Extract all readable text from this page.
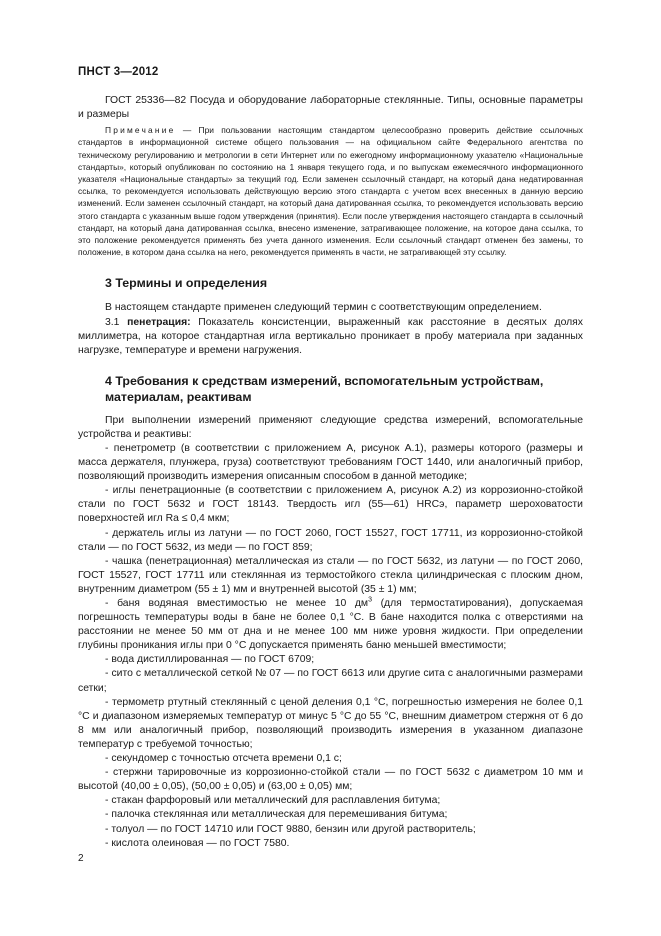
ПНСТ 3—2012

ГОСТ 25336—82 Посуда и оборудование лабораторные стеклянные. Типы, основные параметры и размеры

Примечание — При пользовании настоящим стандартом целесообразно проверить действие ссылочных стандартов в информационной системе общего пользования — на официальном сайте Федерального агентства по техническому регулированию и метрологии в сети Интернет или по ежегодному информационному указателю «Национальные стандарты», который опубликован по состоянию на 1 января текущего года, и по выпускам ежемесячного информационного указателя «Национальные стандарты» за текущий год. Если заменен ссылочный стандарт, на который дана недатированная ссылка, то рекомендуется использовать действующую версию этого стандарта с учетом всех внесенных в данную версию изменений. Если заменен ссылочный стандарт, на который дана датированная ссылка, то рекомендуется использовать версию этого стандарта с указанным выше годом утверждения (принятия). Если после утверждения настоящего стандарта в ссылочный стандарт, на который дана датированная ссылка, внесено изменение, затрагивающее положение, на которое дана ссылка, то это положение рекомендуется применять без учета данного изменения. Если ссылочный стандарт отменен без замены, то положение, в котором дана ссылка на него, рекомендуется применять в части, не затрагивающей эту ссылку.

3 Термины и определения

В настоящем стандарте применен следующий термин с соответствующим определением.

3.1 пенетрация: Показатель консистенции, выраженный как расстояние в десятых долях миллиметра, на которое стандартная игла вертикально проникает в пробу материала при заданных нагрузке, температуре и времени нагружения.

4 Требования к средствам измерений, вспомогательным устройствам, материалам, реактивам

При выполнении измерений применяют следующие средства измерений, вспомогательные устройства и реактивы:

- пенетрометр (в соответствии с приложением А, рисунок А.1), размеры которого (размеры и масса держателя, плунжера, груза) соответствуют требованиям ГОСТ 1440, или аналогичный прибор, позволяющий производить измерения описанным способом в данной методике;

- иглы пенетрационные (в соответствии с приложением А, рисунок А.2) из коррозионно-стойкой стали по ГОСТ 5632 и ГОСТ 18143. Твердость игл (55—61) HRCэ, параметр шероховатости поверхностей игл Ra ≤ 0,4 мкм;

- держатель иглы из латуни — по ГОСТ 2060, ГОСТ 15527, ГОСТ 17711, из коррозионно-стойкой стали — по ГОСТ 5632, из меди — по ГОСТ 859;

- чашка (пенетрационная) металлическая из стали — по ГОСТ 5632, из латуни — по ГОСТ 2060, ГОСТ 15527, ГОСТ 17711 или стеклянная из термостойкого стекла цилиндрическая с плоским дном, внутренним диаметром (55 ± 1) мм и внутренней высотой (35 ± 1) мм;

- баня водяная вместимостью не менее 10 $дм^3$ (для термостатирования), допускаемая погрешность температуры воды в бане не более 0,1 °С. В бане находится полка с отверстиями на расстоянии не менее 50 мм от дна и не менее 100 мм ниже уровня жидкости. При определении глубины проникания иглы при 0 °С допускается применять баню меньшей вместимости;

- вода дистиллированная — по ГОСТ 6709;

- сито с металлической сеткой № 07 — по ГОСТ 6613 или другие сита с аналогичными размерами сетки;

- термометр ртутный стеклянный с ценой деления 0,1 °С, погрешностью измерения не более 0,1 °С и диапазоном измеряемых температур от минус 5 °С до 55 °С, внешним диаметром стержня от 6 до 8 мм или аналогичный прибор, позволяющий производить измерения в указанном диапазоне температур с требуемой точностью;

- секундомер с точностью отсчета времени 0,1 с;

- стержни тарировочные из коррозионно-стойкой стали — по ГОСТ 5632 с диаметром 10 мм и высотой (40,00 ± 0,05), (50,00 ± 0,05) и (63,00 ± 0,05) мм;

- стакан фарфоровый или металлический для расплавления битума;

- палочка стеклянная или металлическая для перемешивания битума;

- толуол — по ГОСТ 14710 или ГОСТ 9880, бензин или другой растворитель;

- кислота олеиновая — по ГОСТ 7580.

2
